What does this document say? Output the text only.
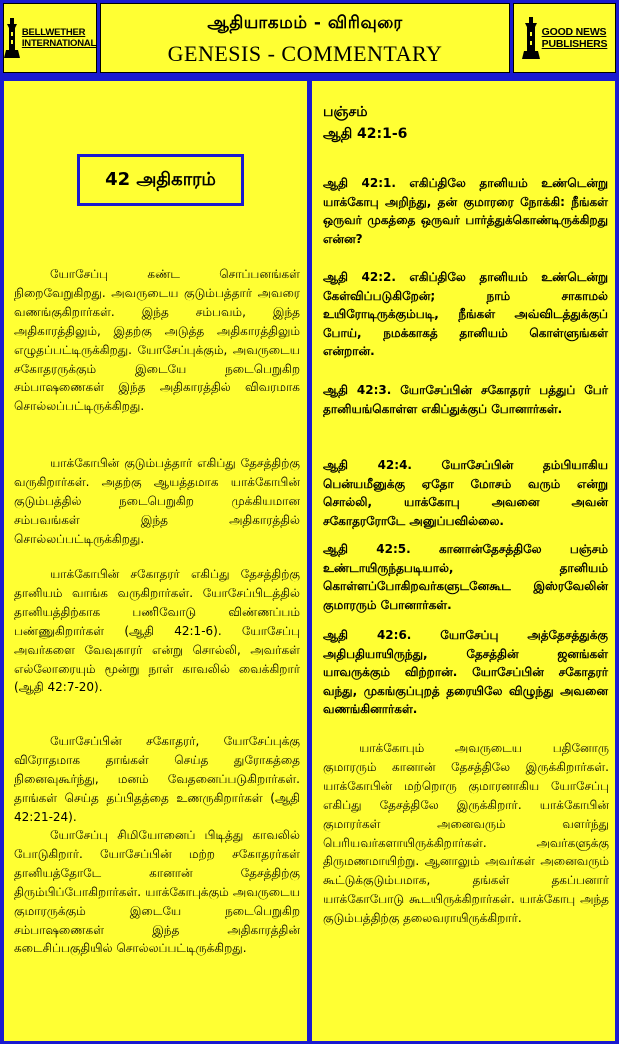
BELLWETHER
INTERNATIONAL
ஆதியாகமம் - விரிவுரை
GENESIS - COMMENTARY
GOOD NEWS
PUBLISHERS
42 அதிகாரம்

யோசேப்பு கண்ட சொப்பனங்கள் நிறைவேறுகிறது. அவருடைய குடும்பத்தார் அவரை வணங்குகிறார்கள். இந்த சம்பவம், இந்த அதிகாரத்திலும், இதற்கு அடுத்த அதிகாரத்திலும் எழுதப்பட்டிருக்கிறது. யோசேப்புக்கும், அவருடைய சகோதரருக்கும் இடையே நடைபெறுகிற சம்பாஷணைகள் இந்த அதிகாரத்தில் விவரமாக சொல்லப்பட்டிருக்கிறது.

யாக்கோபின் குடும்பத்தார் எகிப்து தேசத்திற்கு வருகிறார்கள். அதற்கு ஆயத்தமாக யாக்கோபின் குடும்பத்தில் நடைபெறுகிற முக்கியமான சம்பவங்கள் இந்த அதிகாரத்தில் சொல்லப்பட்டிருக்கிறது.

யாக்கோபின் சகோதரர் எகிப்து தேசத்திற்கு தானியம் வாங்க வருகிறார்கள். யோசேப்பிடத்தில் தானியத்திற்காக பணிவோடு விண்ணப்பம் பண்ணுகிறார்கள் (ஆதி 42:1-6). யோசேப்பு அவர்களை வேவுகாரர் என்று சொல்லி, அவர்கள் எல்லோரையும் மூன்று நாள் காவலில் வைக்கிறார் (ஆதி 42:7-20).

யோசேப்பின் சகோதரர், யோசேப்புக்கு விரோதமாக தாங்கள் செய்த துரோகத்தை நினைவுகூர்ந்து, மனம் வேதனைப்படுகிறார்கள். தாங்கள் செய்த தப்பிதத்தை உணருகிறார்கள் (ஆதி 42:21-24).

யோசேப்பு சிமியோனைப் பிடித்து காவலில் போடுகிறார். யோசேப்பின் மற்ற சகோதரர்கள் தானியத்தோடே கானான் தேசத்திற்கு திரும்பிப்போகிறார்கள். யாக்கோபுக்கும் அவருடைய குமாரருக்கும் இடையே நடைபெறுகிற சம்பாஷணைகள் இந்த அதிகாரத்தின் கடைசிப்பகுதியில் சொல்லப்பட்டிருக்கிறது.

பஞ்சம்

ஆதி 42:1-6

ஆதி 42:1. எகிப்திலே தானியம் உண்டென்று யாக்கோபு அறிந்து, தன் குமாரரை நோக்கி: நீங்கள் ஒருவர் முகத்தை ஒருவர் பார்த்துக்கொண்டிருக்கிறது என்ன?

ஆதி 42:2. எகிப்திலே தானியம் உண்டென்று கேள்விப்படுகிறேன்; நாம் சாகாமல் உயிரோடிருக்கும்படி, நீங்கள் அவ்விடத்துக்குப் போய், நமக்காகத் தானியம் கொள்ளுங்கள் என்றான்.

ஆதி 42:3. யோசேப்பின் சகோதரர் பத்துப் பேர் தானியங்கொள்ள எகிப்துக்குப் போனார்கள்.

ஆதி 42:4. யோசேப்பின் தம்பியாகிய பென்யமீனுக்கு ஏதோ மோசம் வரும் என்று சொல்லி, யாக்கோபு அவனை அவன் சகோதரரோடே அனுப்பவில்லை.

ஆதி 42:5. கானான்தேசத்திலே பஞ்சம் உண்டாயிருந்தபடியால், தானியம் கொள்ளப்போகிறவர்களுடனேகூட இஸ்ரவேலின் குமாரரும் போனார்கள்.

ஆதி 42:6. யோசேப்பு அத்தேசத்துக்கு அதிபதியாயிருந்து, தேசத்தின் ஜனங்கள் யாவருக்கும் விற்றான். யோசேப்பின் சகோதரர் வந்து, முகங்குப்புறத் தரையிலே விழுந்து அவனை வணங்கினார்கள்.

யாக்கோபும் அவருடைய பதினோரு குமாரரும் கானான் தேசத்திலே இருக்கிறார்கள். யாக்கோபின் மற்றொரு குமாரனாகிய யோசேப்பு எகிப்து தேசத்திலே இருக்கிறார். யாக்கோபின் குமாரர்கள் அனைவரும் வளர்ந்து பெரியவர்களாயிருக்கிறார்கள். அவர்களுக்கு திருமணமாயிற்று. ஆனாலும் அவர்கள் அனைவரும் கூட்டுக்குடும்பமாக, தங்கள் தகப்பனார் யாக்கோபோடு கூடயிருக்கிறார்கள். யாக்கோபு அந்த குடும்பத்திற்கு தலைவராயிருக்கிறார்.
